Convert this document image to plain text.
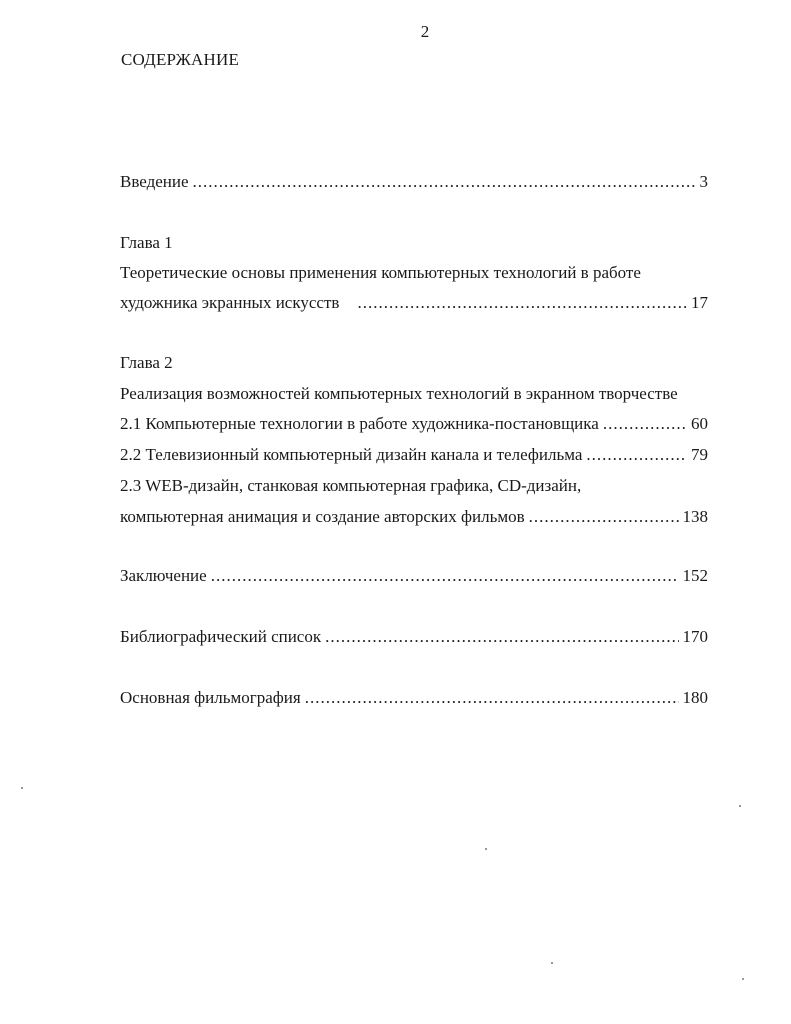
2
СОДЕРЖАНИЕ
Введение .....	3
Глава 1
Теоретические основы применения компьютерных технологий в работе
художника экранных искусств .....	17
Глава 2
Реализация возможностей компьютерных технологий в экранном творчестве
2.1 Компьютерные технологии в работе художника-постановщика .....	60
2.2 Телевизионный компьютерный дизайн канала и телефильма .....	79
2.3 WEB-дизайн, станковая компьютерная графика, CD-дизайн,
компьютерная анимация и создание авторских фильмов .....	138
Заключение .....	152
Библиографический список .....	170
Основная фильмография .....	180
